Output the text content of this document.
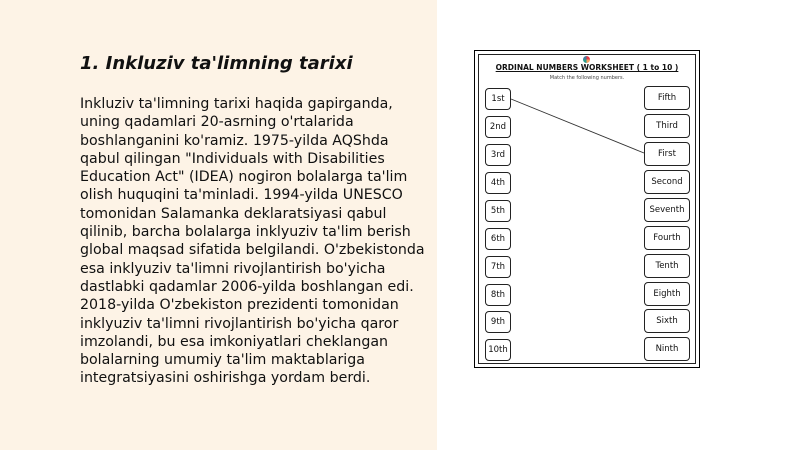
1. Inkluziv ta'limning tarixi

Inkluziv ta'limning tarixi haqida gapirganda, uning qadamlari 20-asrning o'rtalarida boshlanganini ko'ramiz. 1975-yilda AQShda qabul qilingan "Individuals with Disabilities Education Act" (IDEA) nogiron bolalarga ta'lim olish huquqini ta'minladi. 1994-yilda UNESCO tomonidan Salamanka deklaratsiyasi qabul qilinib, barcha bolalarga inklyuziv ta'lim berish global maqsad sifatida belgilandi. O'zbekistonda esa inklyuziv ta'limni rivojlantirish bo'yicha dastlabki qadamlar 2006-yilda boshlangan edi. 2018-yilda O'zbekiston prezidenti tomonidan inklyuziv ta'limni rivojlantirish bo'yicha qaror imzolandi, bu esa imkoniyatlari cheklangan bolalarning umumiy ta'lim maktablariga integratsiyasini oshirishga yordam berdi.

ORDINAL NUMBERS WORKSHEET ( 1 to 10 )
Match the following numbers.
1st
2nd
3rd
4th
5th
6th
7th
8th
9th
10th
Fifth
Third
First
Second
Seventh
Fourth
Tenth
Eighth
Sixth
Ninth
